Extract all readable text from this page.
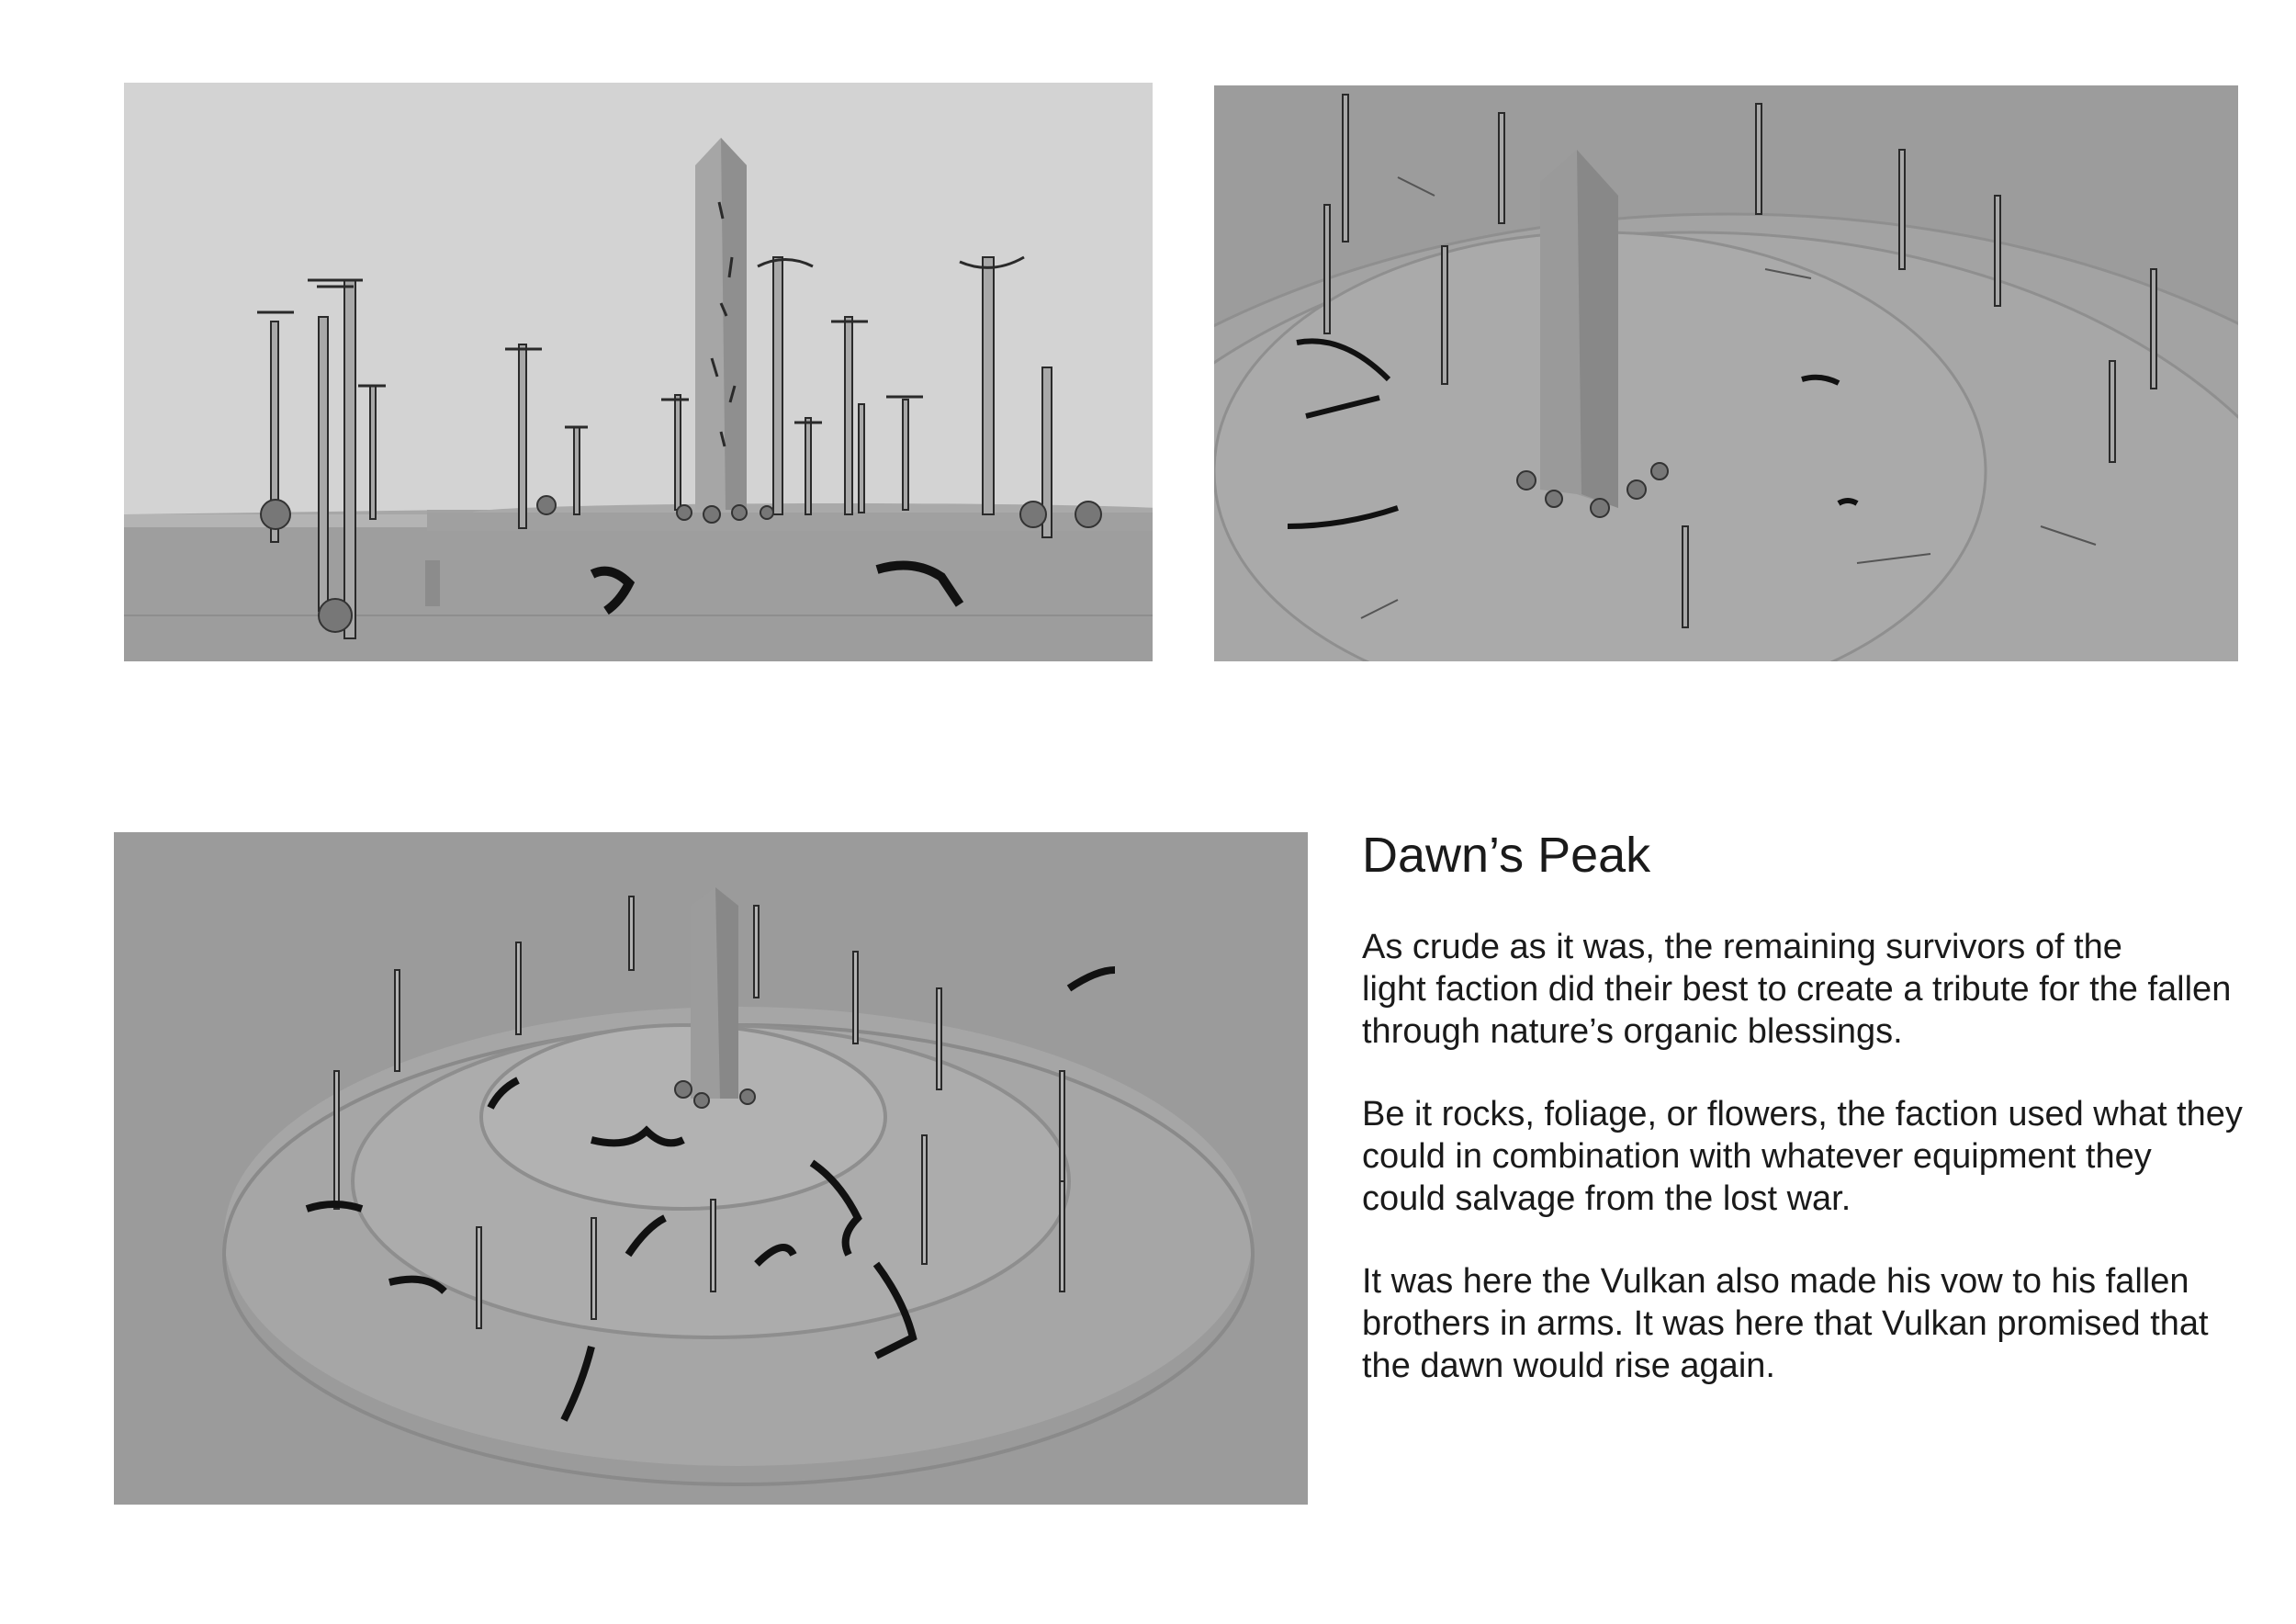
Dawn’s Peak

As crude as it was, the remaining survivors of the
light faction did their best to create a tribute for the fallen
through nature’s organic blessings.

Be it rocks, foliage, or flowers, the faction used what they
could in combination with whatever equipment they
could salvage from the lost war.

It was here the Vulkan also made his vow to his fallen
brothers in arms. It was here that Vulkan promised that
the dawn would rise again.
